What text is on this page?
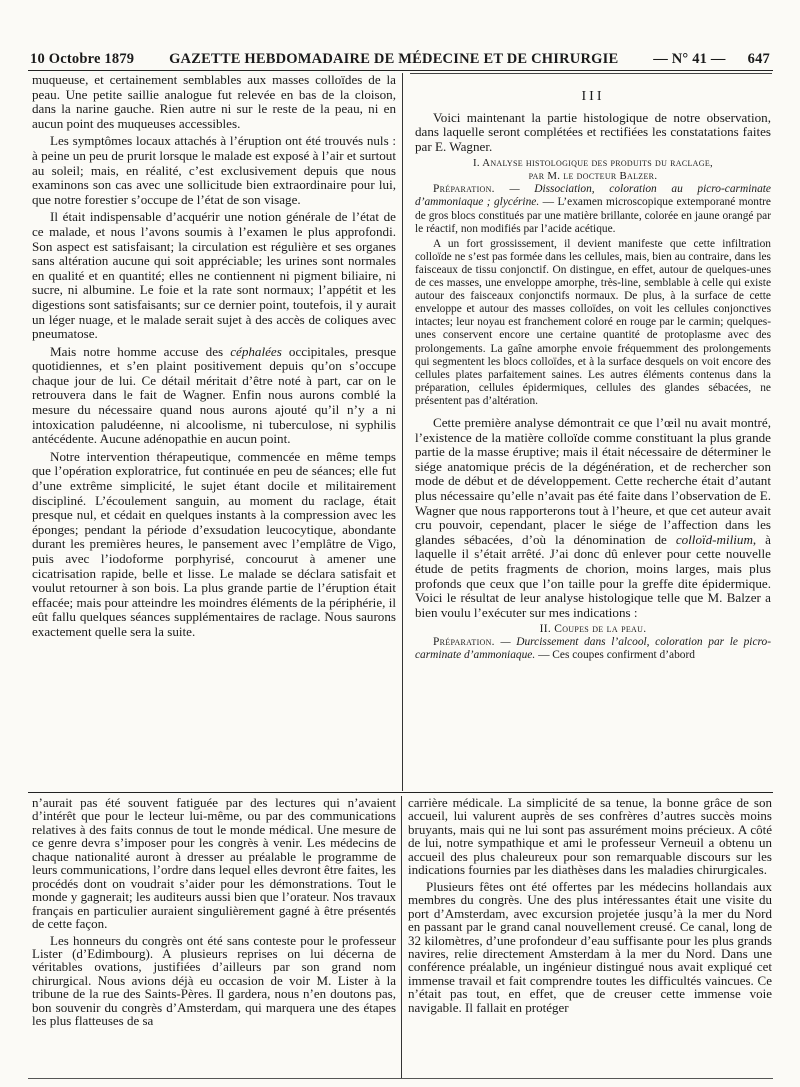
10 Octobre 1879 GAZETTE HEBDOMADAIRE DE MÉDECINE ET DE CHIRURGIE — N° 41 — 647

muqueuse, et certainement semblables aux masses colloïdes de la peau. Une petite saillie analogue fut relevée en bas de la cloison, dans la narine gauche. Rien autre ni sur le reste de la peau, ni en aucun point des muqueuses accessibles.

Les symptômes locaux attachés à l’éruption ont été trouvés nuls : à peine un peu de prurit lorsque le malade est exposé à l’air et surtout au soleil; mais, en réalité, c’est exclusivement depuis que nous examinons son cas avec une sollicitude bien extraordinaire pour lui, que notre forestier s’occupe de l’état de son visage.

Il était indispensable d’acquérir une notion générale de l’état de ce malade, et nous l’avons soumis à l’examen le plus approfondi. Son aspect est satisfaisant; la circulation est régulière et ses organes sans altération aucune qui soit appréciable; les urines sont normales en qualité et en quantité; elles ne contiennent ni pigment biliaire, ni sucre, ni albumine. Le foie et la rate sont normaux; l’appétit et les digestions sont satisfaisants; sur ce dernier point, toutefois, il y aurait un léger nuage, et le malade serait sujet à des accès de coliques avec pneumatose.

Mais notre homme accuse des céphalées occipitales, presque quotidiennes, et s’en plaint positivement depuis qu’on s’occupe chaque jour de lui. Ce détail méritait d’être noté à part, car on le retrouvera dans le fait de Wagner. Enfin nous aurons comblé la mesure du nécessaire quand nous aurons ajouté qu’il n’y a ni intoxication paludéenne, ni alcoolisme, ni tuberculose, ni syphilis antécédente. Aucune adénopathie en aucun point.

Notre intervention thérapeutique, commencée en même temps que l’opération exploratrice, fut continuée en peu de séances; elle fut d’une extrême simplicité, le sujet étant docile et militairement discipliné. L’écoulement sanguin, au moment du raclage, était presque nul, et cédait en quelques instants à la compression avec les éponges; pendant la période d’exsudation leucocytique, abondante durant les premières heures, le pansement avec l’emplâtre de Vigo, puis avec l’iodoforme porphyrisé, concourut à amener une cicatrisation rapide, belle et lisse. Le malade se déclara satisfait et voulut retourner à son bois. La plus grande partie de l’éruption était effacée; mais pour atteindre les moindres éléments de la périphérie, il eût fallu quelques séances supplémentaires de raclage. Nous saurons exactement quelle sera la suite.

III

Voici maintenant la partie histologique de notre observation, dans laquelle seront complétées et rectifiées les constatations faites par E. Wagner.

I. Analyse histologique des produits du raclage,
par M. le docteur Balzer.

Préparation. — Dissociation, coloration au picro-carminate d’ammoniaque ; glycérine. — L’examen microscopique extemporané montre de gros blocs constitués par une matière brillante, colorée en jaune orangé par le réactif, non modifiés par l’acide acétique.

A un fort grossissement, il devient manifeste que cette infiltration colloïde ne s’est pas formée dans les cellules, mais, bien au contraire, dans les faisceaux de tissu conjonctif. On distingue, en effet, autour de quelques-unes de ces masses, une enveloppe amorphe, très-line, semblable à celle qui existe autour des faisceaux conjonctifs normaux. De plus, à la surface de cette enveloppe et autour des masses colloïdes, on voit les cellules conjonctives intactes; leur noyau est franchement coloré en rouge par le carmin; quelques-unes conservent encore une certaine quantité de protoplasme avec des prolongements. La gaîne amorphe envoie fréquemment des prolongements qui segmentent les blocs colloïdes, et à la surface desquels on voit encore des cellules plates parfaitement saines. Les autres éléments contenus dans la préparation, cellules épidermiques, cellules des glandes sébacées, ne présentent pas d’altération.

Cette première analyse démontrait ce que l’œil nu avait montré, l’existence de la matière colloïde comme constituant la plus grande partie de la masse éruptive; mais il était nécessaire de déterminer le siége anatomique précis de la dégénération, et de rechercher son mode de début et de développement. Cette recherche était d’autant plus nécessaire qu’elle n’avait pas été faite dans l’observation de E. Wagner que nous rapporterons tout à l’heure, et que cet auteur avait cru pouvoir, cependant, placer le siége de l’affection dans les glandes sébacées, d’où la dénomination de colloïd-milium, à laquelle il s’était arrêté. J’ai donc dû enlever pour cette nouvelle étude de petits fragments de chorion, moins larges, mais plus profonds que ceux que l’on taille pour la greffe dite épidermique. Voici le résultat de leur analyse histologique telle que M. Balzer a bien voulu l’exécuter sur mes indications :

II. Coupes de la peau.

Préparation. — Durcissement dans l’alcool, coloration par le picro-carminate d’ammoniaque. — Ces coupes confirment d’abord

n’aurait pas été souvent fatiguée par des lectures qui n’avaient d’intérêt que pour le lecteur lui-même, ou par des communications relatives à des faits connus de tout le monde médical. Une mesure de ce genre devra s’imposer pour les congrès à venir. Les médecins de chaque nationalité auront à dresser au préalable le programme de leurs communications, l’ordre dans lequel elles devront être faites, les procédés dont on voudrait s’aider pour les démonstrations. Tout le monde y gagnerait; les auditeurs aussi bien que l’orateur. Nos travaux français en particulier auraient singulièrement gagné à être présentés de cette façon.

Les honneurs du congrès ont été sans conteste pour le professeur Lister (d’Edimbourg). A plusieurs reprises on lui décerna de véritables ovations, justifiées d’ailleurs par son grand nom chirurgical. Nous avions déjà eu occasion de voir M. Lister à la tribune de la rue des Saints-Pères. Il gardera, nous n’en doutons pas, bon souvenir du congrès d’Amsterdam, qui marquera une des étapes les plus flatteuses de sa

carrière médicale. La simplicité de sa tenue, la bonne grâce de son accueil, lui valurent auprès de ses confrères d’autres succès moins bruyants, mais qui ne lui sont pas assurément moins précieux. A côté de lui, notre sympathique et ami le professeur Verneuil a obtenu un accueil des plus chaleureux pour son remarquable discours sur les indications fournies par les diathèses dans les maladies chirurgicales.

Plusieurs fêtes ont été offertes par les médecins hollandais aux membres du congrès. Une des plus intéressantes était une visite du port d’Amsterdam, avec excursion projetée jusqu’à la mer du Nord en passant par le grand canal nouvellement creusé. Ce canal, long de 32 kilomètres, d’une profondeur d’eau suffisante pour les plus grands navires, relie directement Amsterdam à la mer du Nord. Dans une conférence préalable, un ingénieur distingué nous avait expliqué cet immense travail et fait comprendre toutes les difficultés vaincues. Ce n’était pas tout, en effet, que de creuser cette immense voie navigable. Il fallait en protéger
